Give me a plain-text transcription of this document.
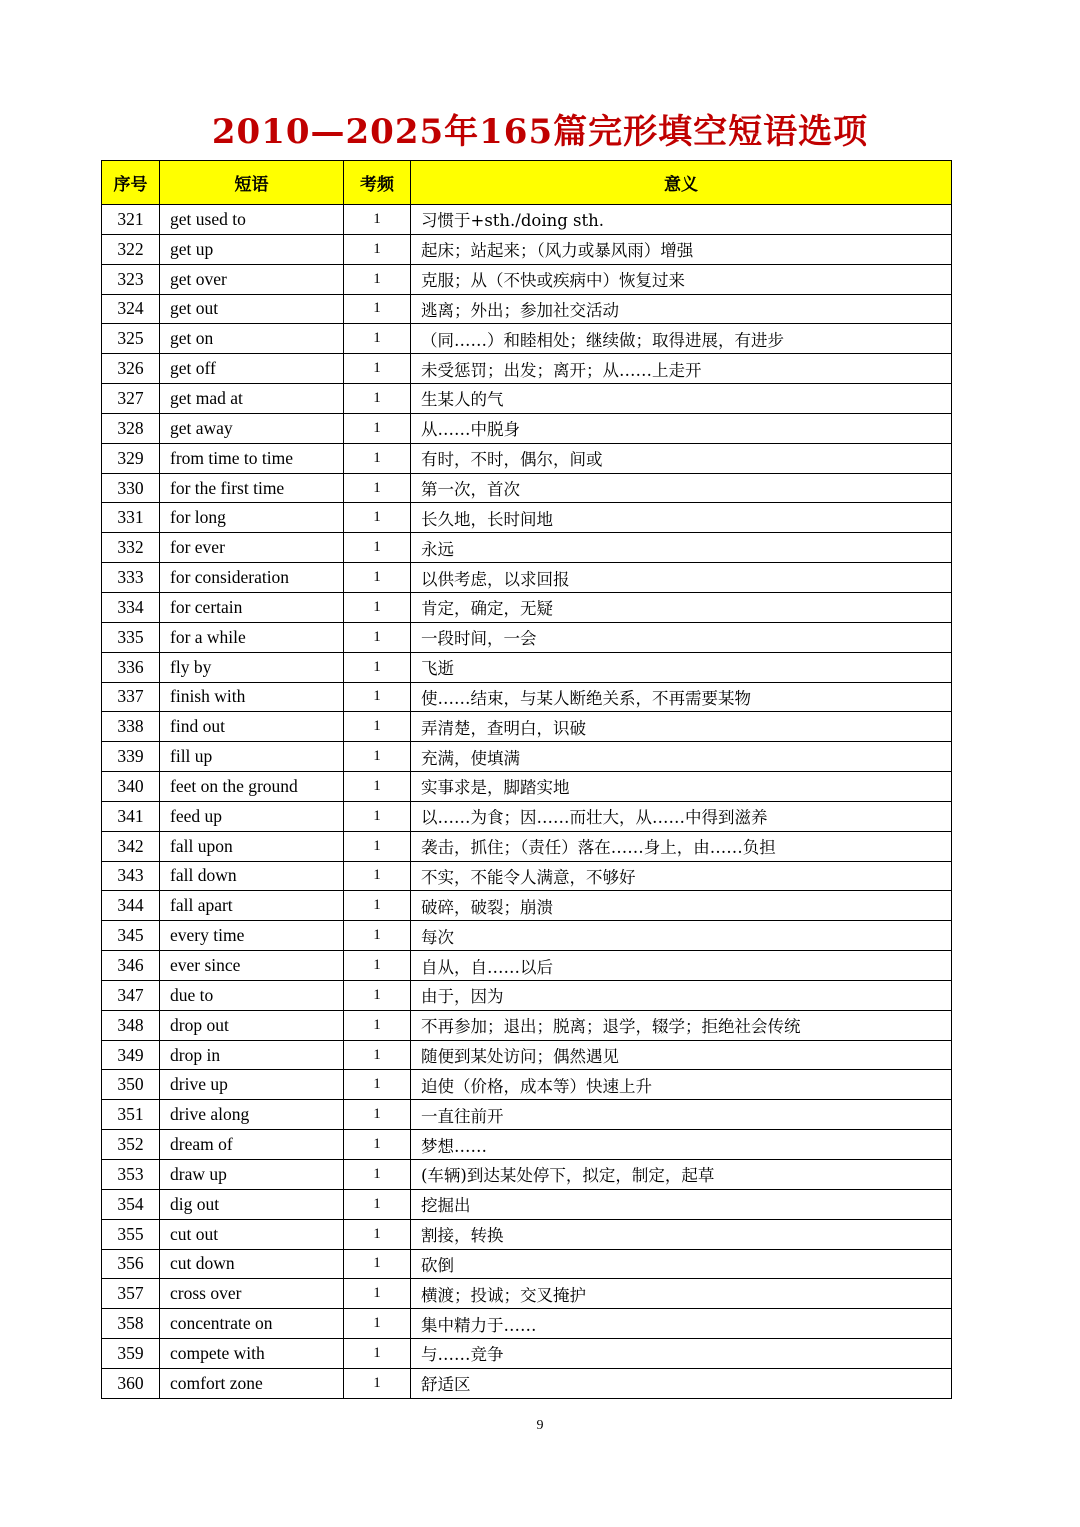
2010—2025年165篇完形填空短语选项
序号	短语	考频	意义
321	get used to	1	习惯于+sth./doing sth.
322	get up	1	起床；站起来；（风力或暴风雨）增强
323	get over	1	克服；从（不快或疾病中）恢复过来
324	get out	1	逃离；外出；参加社交活动
325	get on	1	（同……）和睦相处；继续做；取得进展，有进步
326	get off	1	未受惩罚；出发；离开；从……上走开
327	get mad at	1	生某人的气
328	get away	1	从……中脱身
329	from time to time	1	有时，不时，偶尔，间或
330	for the first time	1	第一次，首次
331	for long	1	长久地，长时间地
332	for ever	1	永远
333	for consideration	1	以供考虑，以求回报
334	for certain	1	肯定，确定，无疑
335	for a while	1	一段时间，一会
336	fly by	1	飞逝
337	finish with	1	使……结束，与某人断绝关系，不再需要某物
338	find out	1	弄清楚，查明白，识破
339	fill up	1	充满，使填满
340	feet on the ground	1	实事求是，脚踏实地
341	feed up	1	以……为食；因……而壮大，从……中得到滋养
342	fall upon	1	袭击，抓住；（责任）落在……身上，由……负担
343	fall down	1	不实，不能令人满意，不够好
344	fall apart	1	破碎，破裂；崩溃
345	every time	1	每次
346	ever since	1	自从，自……以后
347	due to	1	由于，因为
348	drop out	1	不再参加；退出；脱离；退学，辍学；拒绝社会传统
349	drop in	1	随便到某处访问；偶然遇见
350	drive up	1	迫使（价格，成本等）快速上升
351	drive along	1	一直往前开
352	dream of	1	梦想……
353	draw up	1	(车辆)到达某处停下，拟定，制定，起草
354	dig out	1	挖掘出
355	cut out	1	割接，转换
356	cut down	1	砍倒
357	cross over	1	横渡；投诚；交叉掩护
358	concentrate on	1	集中精力于……
359	compete with	1	与……竞争
360	comfort zone	1	舒适区
9
